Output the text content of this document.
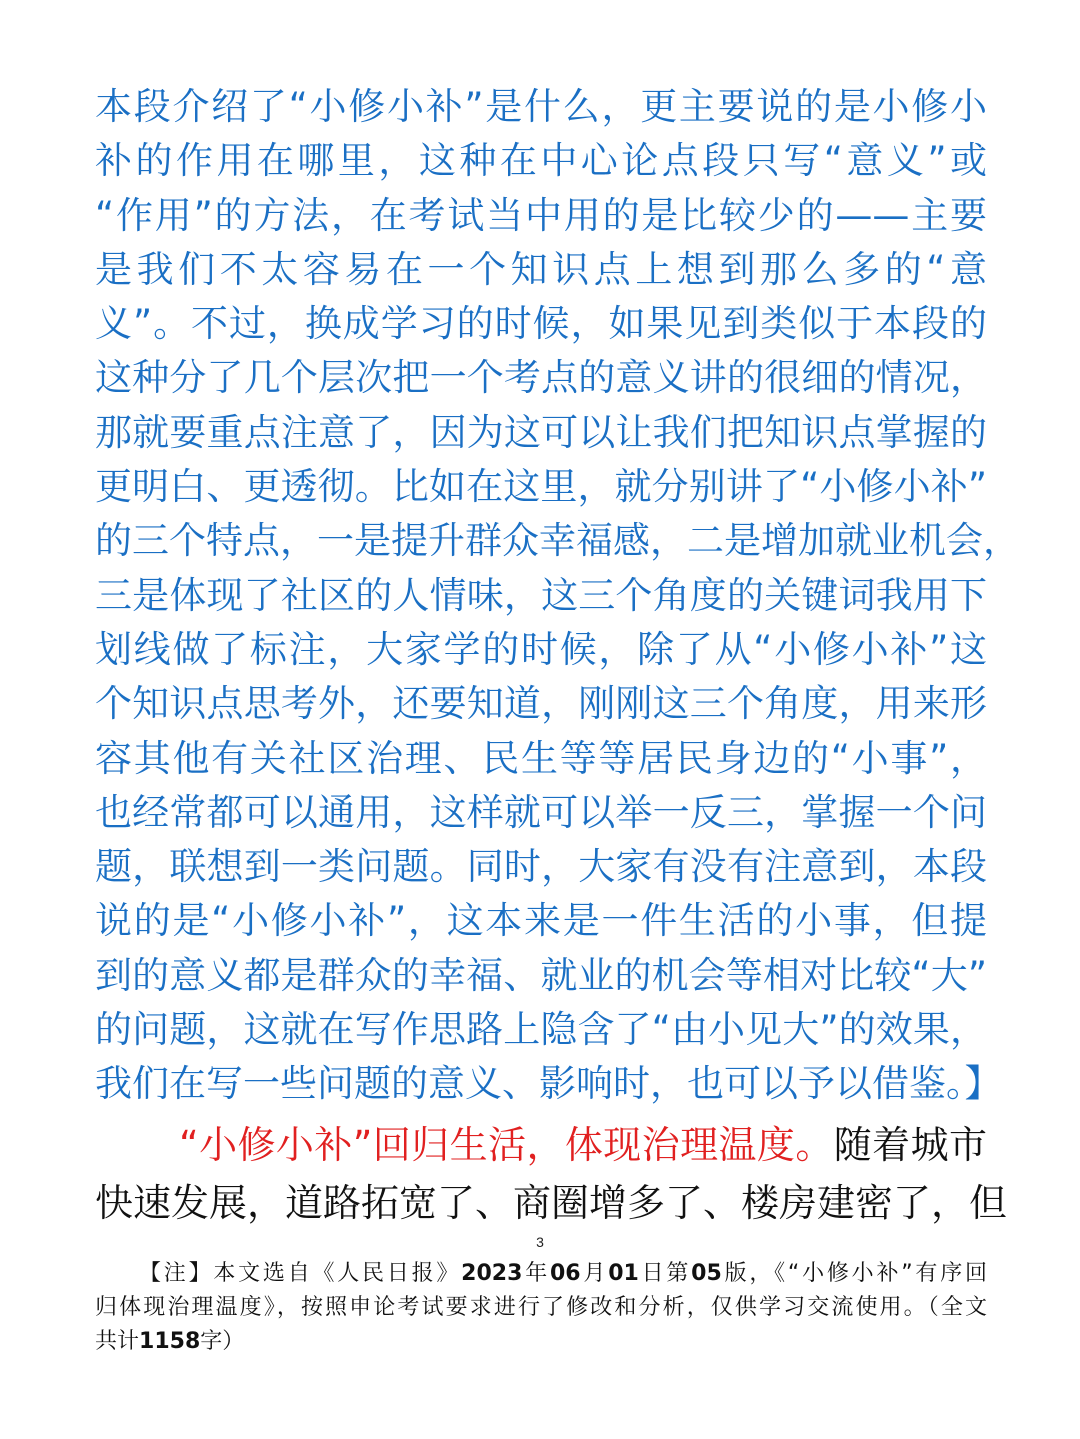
本段介绍了“小修小补”是什么，更主要说的是小修小
补的作用在哪里，这种在中心论点段只写“意义”或
“作用”的方法，在考试当中用的是比较少的——主要
是我们不太容易在一个知识点上想到那么多的“意
义”。不过，换成学习的时候，如果见到类似于本段的
这种分了几个层次把一个考点的意义讲的很细的情况，
那就要重点注意了，因为这可以让我们把知识点掌握的
更明白、更透彻。比如在这里，就分别讲了“小修小补”
的三个特点，一是提升群众幸福感，二是增加就业机会，
三是体现了社区的人情味，这三个角度的关键词我用下
划线做了标注，大家学的时候，除了从“小修小补”这
个知识点思考外，还要知道，刚刚这三个角度，用来形
容其他有关社区治理、民生等等居民身边的“小事”，
也经常都可以通用，这样就可以举一反三，掌握一个问
题，联想到一类问题。同时，大家有没有注意到，本段
说的是“小修小补”，这本来是一件生活的小事，但提
到的意义都是群众的幸福、就业的机会等相对比较“大”
的问题，这就在写作思路上隐含了“由小见大”的效果，
我们在写一些问题的意义、影响时，也可以予以借鉴。】
“小修小补”回归生活，体现治理温度。随着城市
快速发展，道路拓宽了、商圈增多了、楼房建密了，但
3
【注】本文选自《人民日报》2023年06月01日第05版，《“小修小补”有序回
归体现治理温度》，按照申论考试要求进行了修改和分析，仅供学习交流使用。（全文
共计1158字）
